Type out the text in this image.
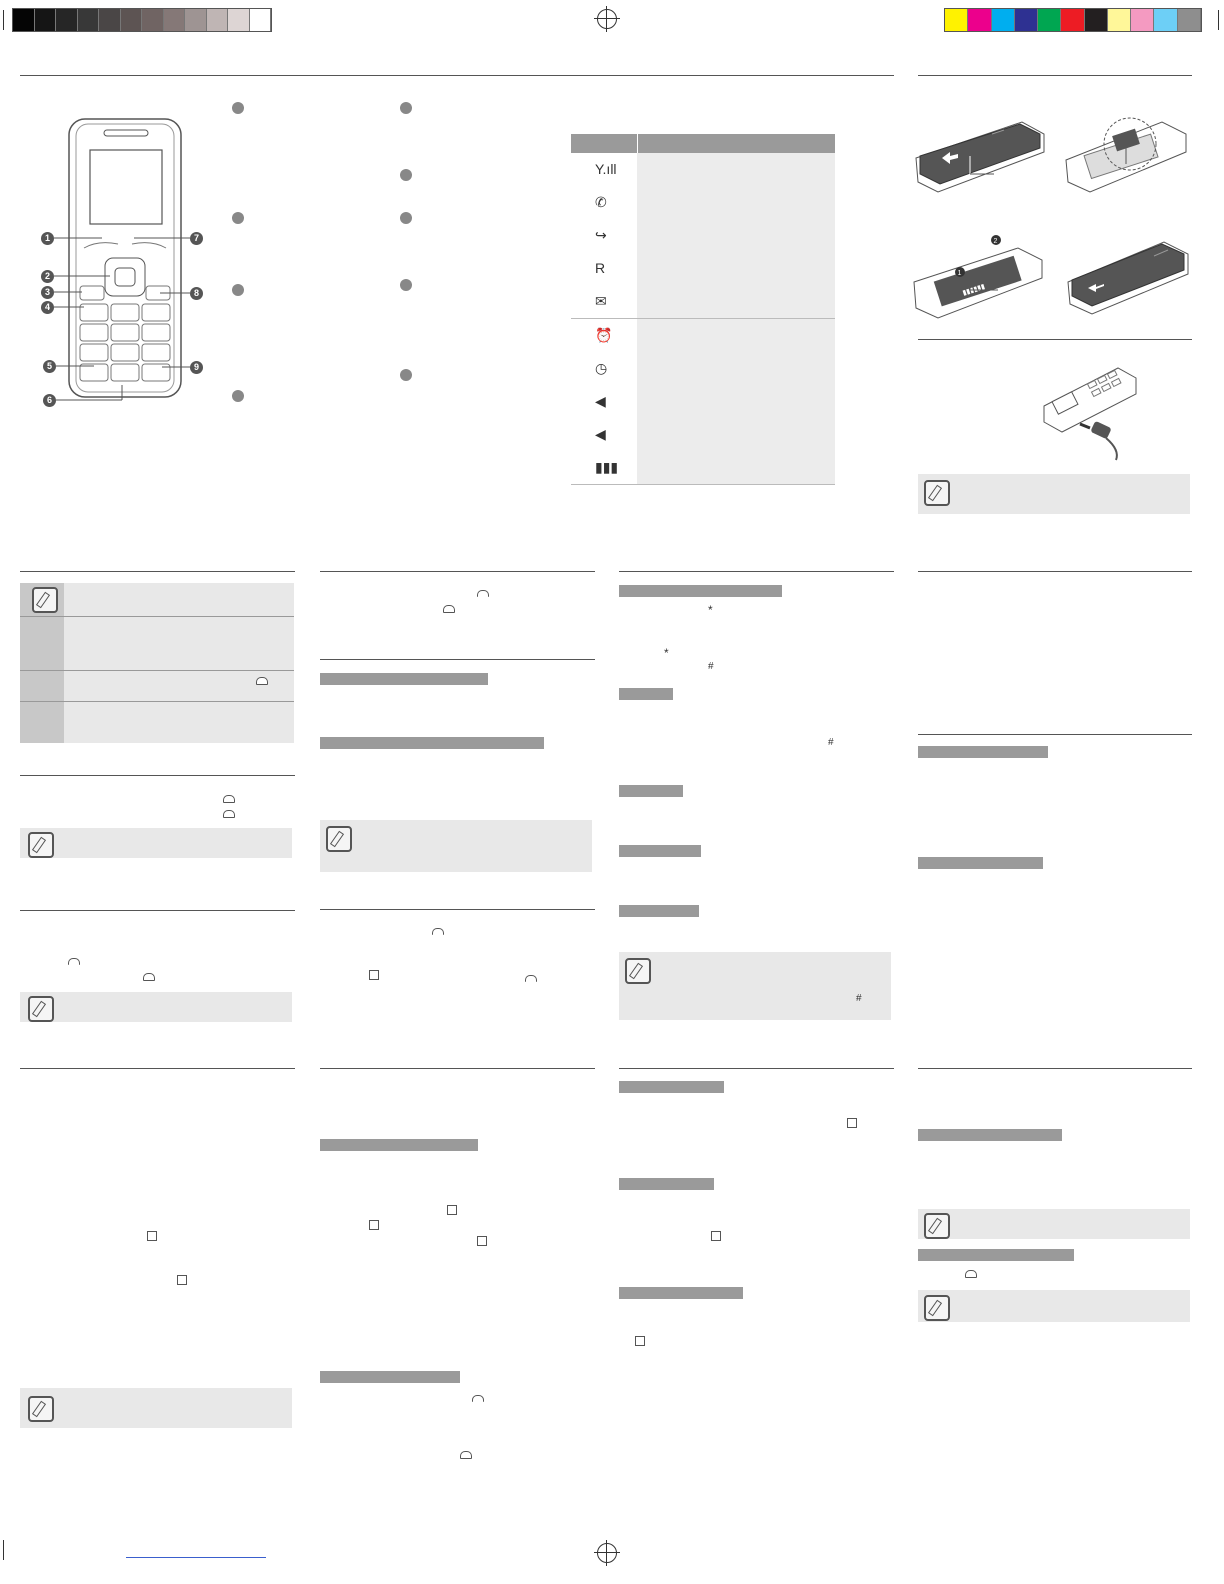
1
2
3
4
5
6
7
8
9
Y.ıll
✆
↪
R
✉
⏰
◷
◀
◀
▮▮▮
▮▮▮▮▮▮
2
1
*
*
#
#
#
